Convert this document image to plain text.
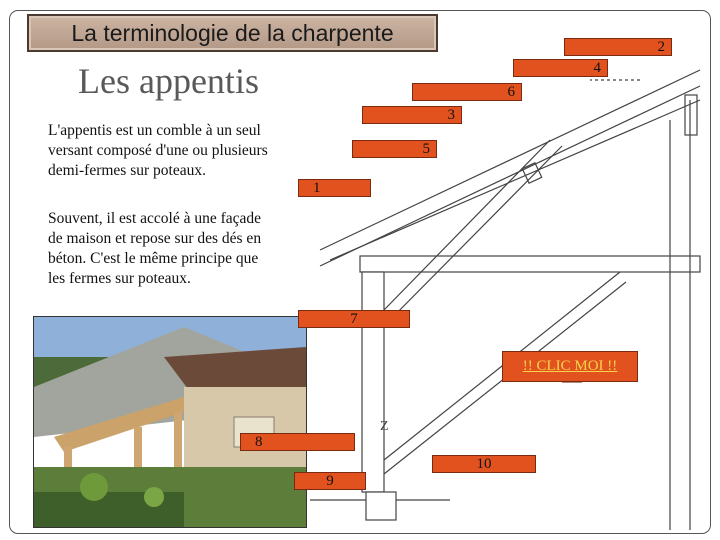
La terminologie de la charpente
Les appentis
Z
L'appentis est un comble à un seul
versant composé d'une ou plusieurs
demi-fermes sur poteaux.
Souvent, il est accolé à une façade
de maison et repose sur des dés en
béton. C'est le même principe que
les fermes sur poteaux.
2
4
6
3
5
1
7
8
10
9
!! CLIC MOI !!
